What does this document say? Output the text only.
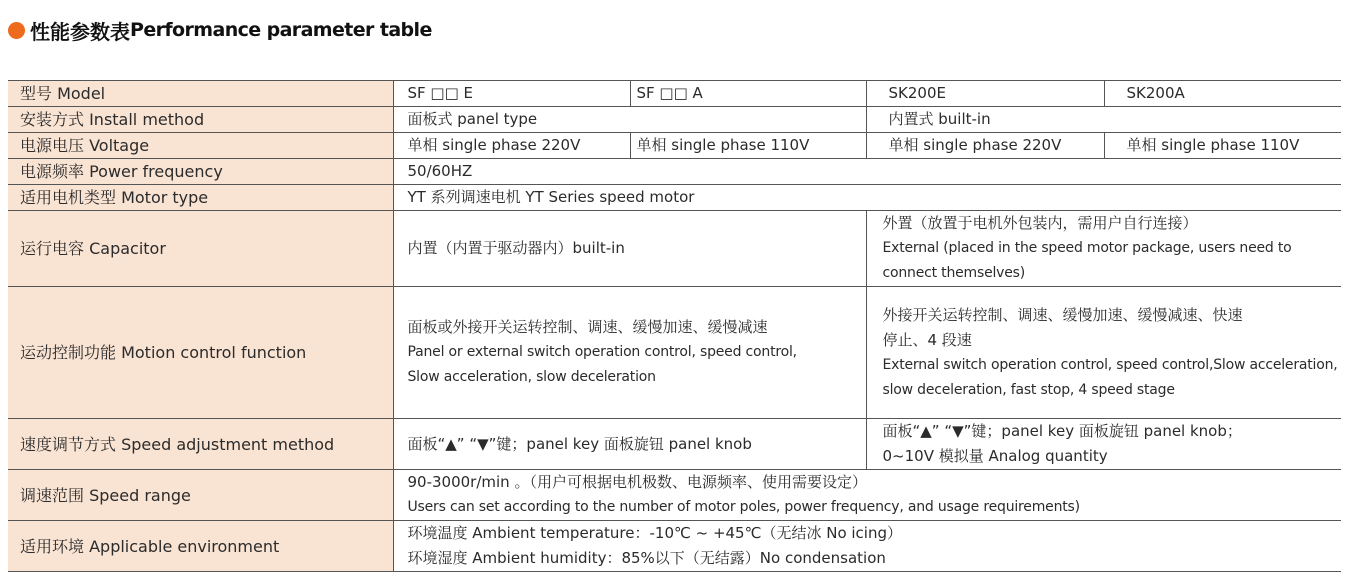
性能参数表 Performance parameter table
型号 Model	SF □□ E	SF □□ A	SK200E	SK200A
安装方式 Install method	面板式 panel type		内置式 built-in	
电源电压 Voltage	单相 single phase 220V	单相 single phase 110V	单相 single phase 220V	单相 single phase 110V
电源频率 Power frequency	50/60HZ			
适用电机类型 Motor type	YT 系列调速电机 YT Series speed motor			
运行电容 Capacitor	内置（内置于驱动器内）built-in		外置（放置于电机外包装内，需用户自行连接）
External (placed in the speed motor package, users need to
connect themselves)	

运动控制功能 Motion control function	面板或外接开关运转控制、调速、缓慢加速、缓慢减速
Panel or external switch operation control, speed control,
Slow acceleration, slow deceleration		外接开关运转控制、调速、缓慢加速、缓慢减速、快速
停止、4 段速
External switch operation control, speed control,Slow acceleration,
slow deceleration, fast stop, 4 speed stage	

速度调节方式 Speed adjustment method	面板“▲” “▼”键；panel key 面板旋钮 panel knob		面板“▲” “▼”键；panel key 面板旋钮 panel knob；
0~10V 模拟量 Analog quantity	

调速范围 Speed range	90-3000r/min 。（用户可根据电机极数、电源频率、使用需要设定）
Users can set according to the number of motor poles, power frequency, and usage requirements)			

适用环境 Applicable environment	环境温度 Ambient temperature：-10℃ ~ +45℃（无结冰 No icing）
环境湿度 Ambient humidity：85%以下（无结露）No condensation			
